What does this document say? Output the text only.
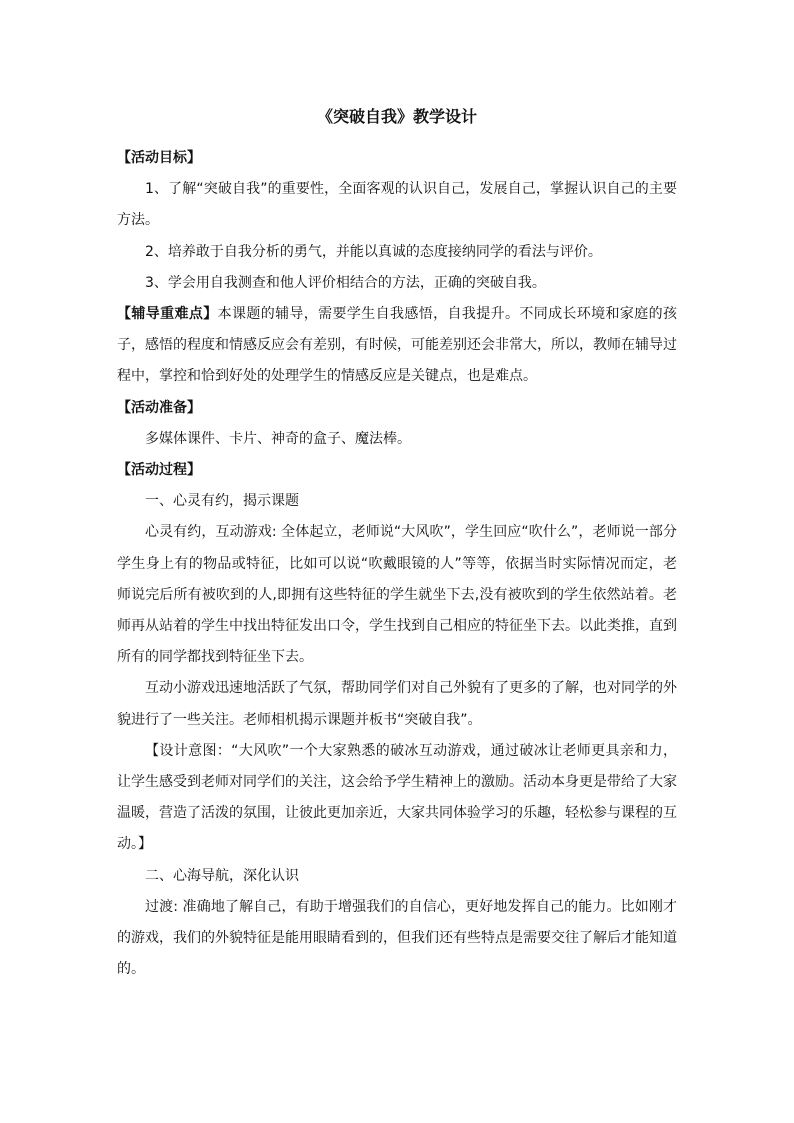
《突破自我》教学设计

【活动目标】

1、了解“突破自我”的重要性，全面客观的认识自己，发展自己，掌握认识自己的主要方法。

2、培养敢于自我分析的勇气，并能以真诚的态度接纳同学的看法与评价。

3、学会用自我测查和他人评价相结合的方法，正确的突破自我。

【辅导重难点】本课题的辅导，需要学生自我感悟，自我提升。不同成长环境和家庭的孩子，感悟的程度和情感反应会有差别，有时候，可能差别还会非常大，所以，教师在辅导过程中，掌控和恰到好处的处理学生的情感反应是关键点，也是难点。

【活动准备】

多媒体课件、卡片、神奇的盒子、魔法棒。

【活动过程】

一、心灵有约，揭示课题

心灵有约，互动游戏: 全体起立，老师说“大风吹”，学生回应“吹什么”，老师说一部分学生身上有的物品或特征，比如可以说“吹戴眼镜的人”等等，依据当时实际情况而定，老师说完后所有被吹到的人,即拥有这些特征的学生就坐下去,没有被吹到的学生依然站着。老师再从站着的学生中找出特征发出口令，学生找到自己相应的特征坐下去。以此类推，直到所有的同学都找到特征坐下去。

互动小游戏迅速地活跃了气氛，帮助同学们对自己外貌有了更多的了解，也对同学的外貌进行了一些关注。老师相机揭示课题并板书“突破自我”。

【设计意图：“大风吹”一个大家熟悉的破冰互动游戏，通过破冰让老师更具亲和力，让学生感受到老师对同学们的关注，这会给予学生精神上的激励。活动本身更是带给了大家温暖，营造了活泼的氛围，让彼此更加亲近，大家共同体验学习的乐趣，轻松参与课程的互动。】

二、心海导航，深化认识

过渡: 准确地了解自己，有助于增强我们的自信心，更好地发挥自己的能力。比如刚才的游戏，我们的外貌特征是能用眼睛看到的，但我们还有些特点是需要交往了解后才能知道的。
